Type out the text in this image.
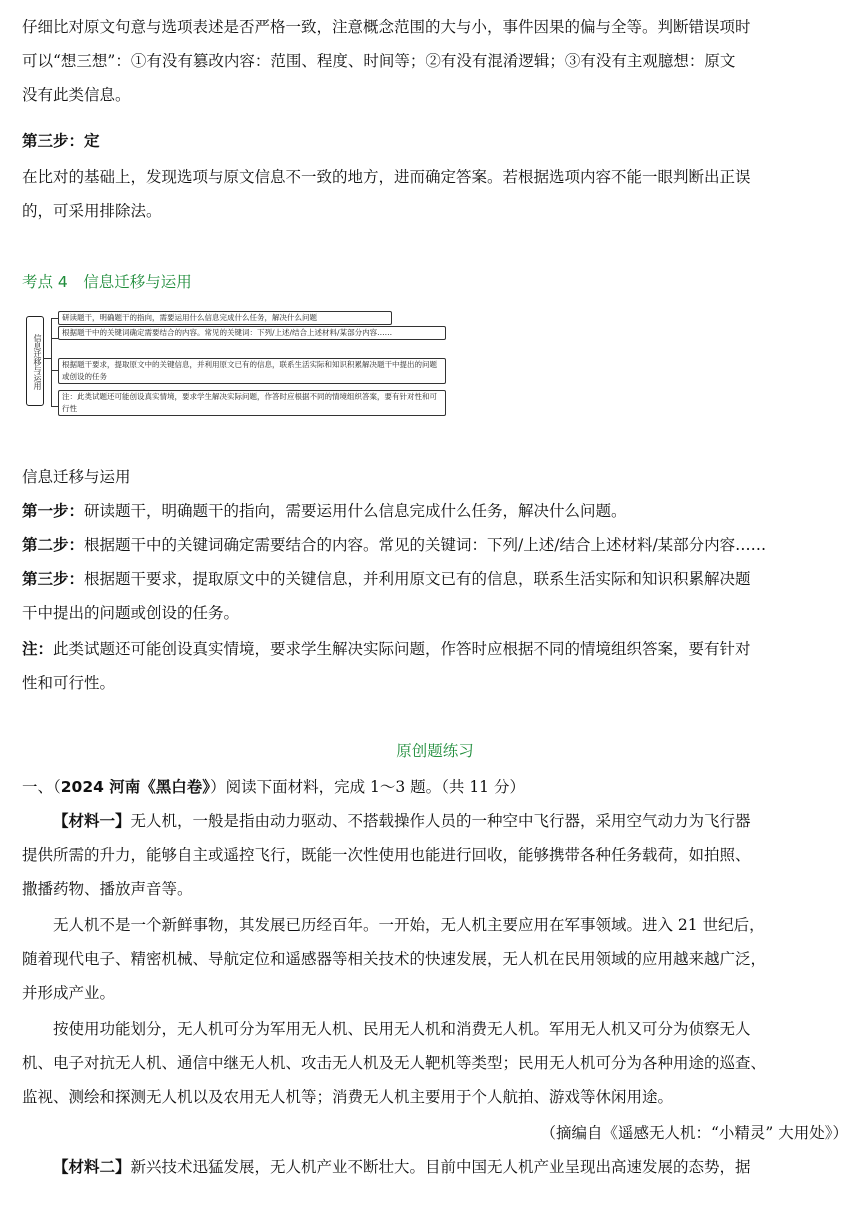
仔细比对原文句意与选项表述是否严格一致，注意概念范围的大与小，事件因果的偏与全等。判断错误项时
可以“想三想”：①有没有篡改内容：范围、程度、时间等；②有没有混淆逻辑；③有没有主观臆想：原文
没有此类信息。

第三步：定

在比对的基础上，发现选项与原文信息不一致的地方，进而确定答案。若根据选项内容不能一眼判断出正误
的，可采用排除法。

考点 4　信息迁移与运用

信息迁移与运用
研读题干，明确题干的指向，需要运用什么信息完成什么任务，解决什么问题
根据题干中的关键词确定需要结合的内容。常见的关键词：下列/上述/结合上述材料/某部分内容……
根据题干要求，提取原文中的关键信息，并利用原文已有的信息，联系生活实际和知识积累解决题干中提出的问题或创设的任务
注：此类试题还可能创设真实情境，要求学生解决实际问题，作答时应根据不同的情境组织答案，要有针对性和可行性

信息迁移与运用

第一步：研读题干，明确题干的指向，需要运用什么信息完成什么任务，解决什么问题。

第二步：根据题干中的关键词确定需要结合的内容。常见的关键词：下列/上述/结合上述材料/某部分内容……

第三步：根据题干要求，提取原文中的关键信息，并利用原文已有的信息，联系生活实际和知识积累解决题
干中提出的问题或创设的任务。

注：此类试题还可能创设真实情境，要求学生解决实际问题，作答时应根据不同的情境组织答案，要有针对
性和可行性。

原创题练习

一、（2024 河南《黑白卷》）阅读下面材料，完成 1～3 题。（共 11 分）

【材料一】无人机，一般是指由动力驱动、不搭载操作人员的一种空中飞行器，采用空气动力为飞行器
提供所需的升力，能够自主或遥控飞行，既能一次性使用也能进行回收，能够携带各种任务载荷，如拍照、
撒播药物、播放声音等。

无人机不是一个新鲜事物，其发展已历经百年。一开始，无人机主要应用在军事领域。进入 21 世纪后，
随着现代电子、精密机械、导航定位和遥感器等相关技术的快速发展，无人机在民用领域的应用越来越广泛，
并形成产业。

按使用功能划分，无人机可分为军用无人机、民用无人机和消费无人机。军用无人机又可分为侦察无人
机、电子对抗无人机、通信中继无人机、攻击无人机及无人靶机等类型；民用无人机可分为各种用途的巡查、
监视、测绘和探测无人机以及农用无人机等；消费无人机主要用于个人航拍、游戏等休闲用途。

（摘编自《遥感无人机：“小精灵” 大用处》）

【材料二】新兴技术迅猛发展，无人机产业不断壮大。目前中国无人机产业呈现出高速发展的态势，据
